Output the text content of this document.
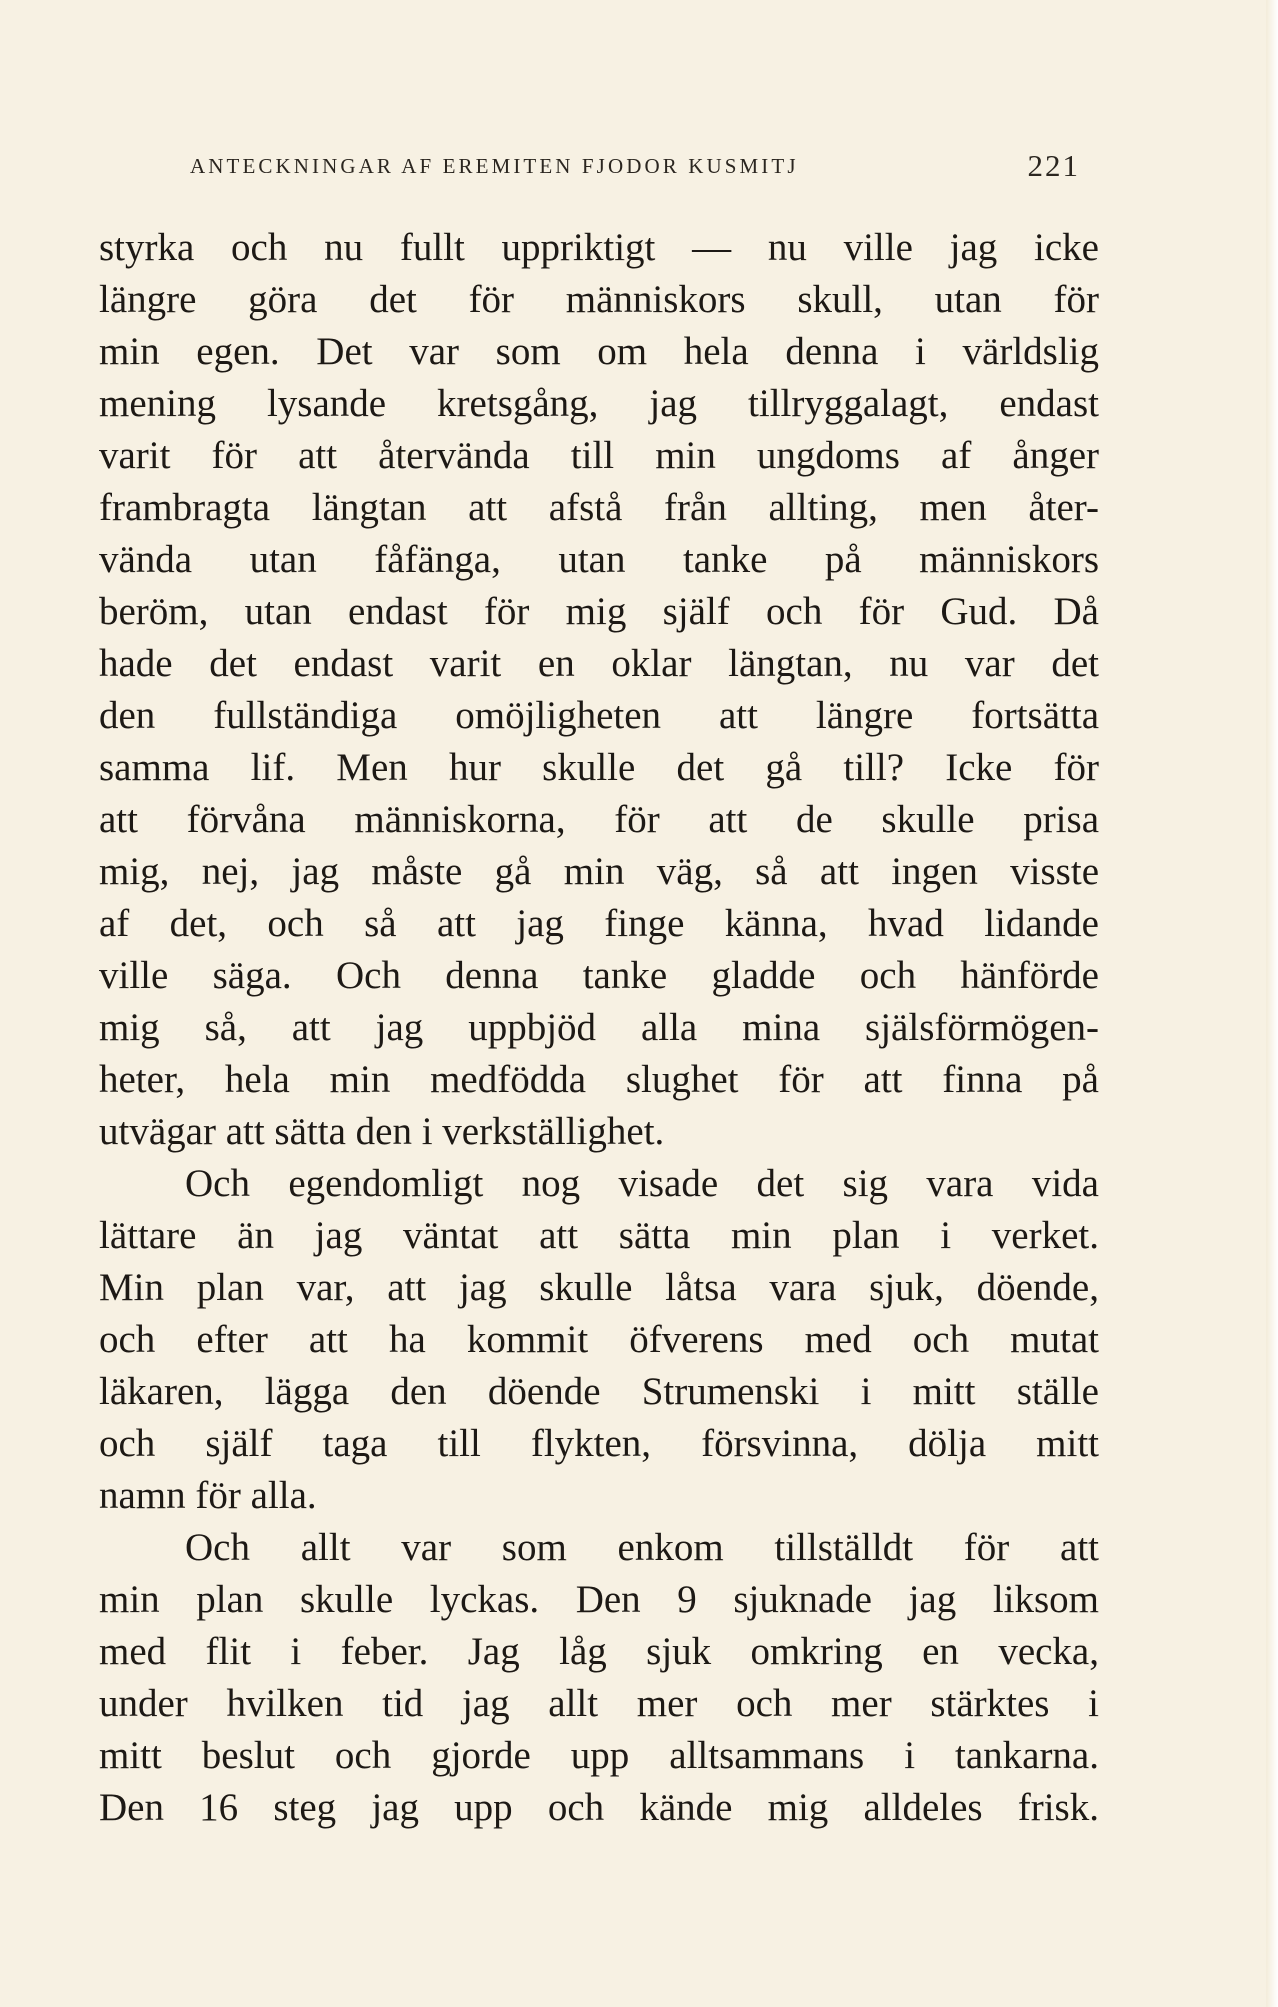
ANTECKNINGAR AF EREMITEN FJODOR KUSMITJ	221
styrka och nu fullt uppriktigt — nu ville jag icke
längre göra det för människors skull, utan för
min egen. Det var som om hela denna i världslig
mening lysande kretsgång, jag tillryggalagt, endast
varit för att återvända till min ungdoms af ånger
frambragta längtan att afstå från allting, men åter-
vända utan fåfänga, utan tanke på människors
beröm, utan endast för mig själf och för Gud. Då
hade det endast varit en oklar längtan, nu var det
den fullständiga omöjligheten att längre fortsätta
samma lif. Men hur skulle det gå till? Icke för
att förvåna människorna, för att de skulle prisa
mig, nej, jag måste gå min väg, så att ingen visste
af det, och så att jag finge känna, hvad lidande
ville säga. Och denna tanke gladde och hänförde
mig så, att jag uppbjöd alla mina själsförmögen-
heter, hela min medfödda slughet för att finna på
utvägar att sätta den i verkställighet.
Och egendomligt nog visade det sig vara vida
lättare än jag väntat att sätta min plan i verket.
Min plan var, att jag skulle låtsa vara sjuk, döende,
och efter att ha kommit öfverens med och mutat
läkaren, lägga den döende Strumenski i mitt ställe
och själf taga till flykten, försvinna, dölja mitt
namn för alla.
Och allt var som enkom tillställdt för att
min plan skulle lyckas. Den 9 sjuknade jag liksom
med flit i feber. Jag låg sjuk omkring en vecka,
under hvilken tid jag allt mer och mer stärktes i
mitt beslut och gjorde upp alltsammans i tankarna.
Den 16 steg jag upp och kände mig alldeles frisk.
